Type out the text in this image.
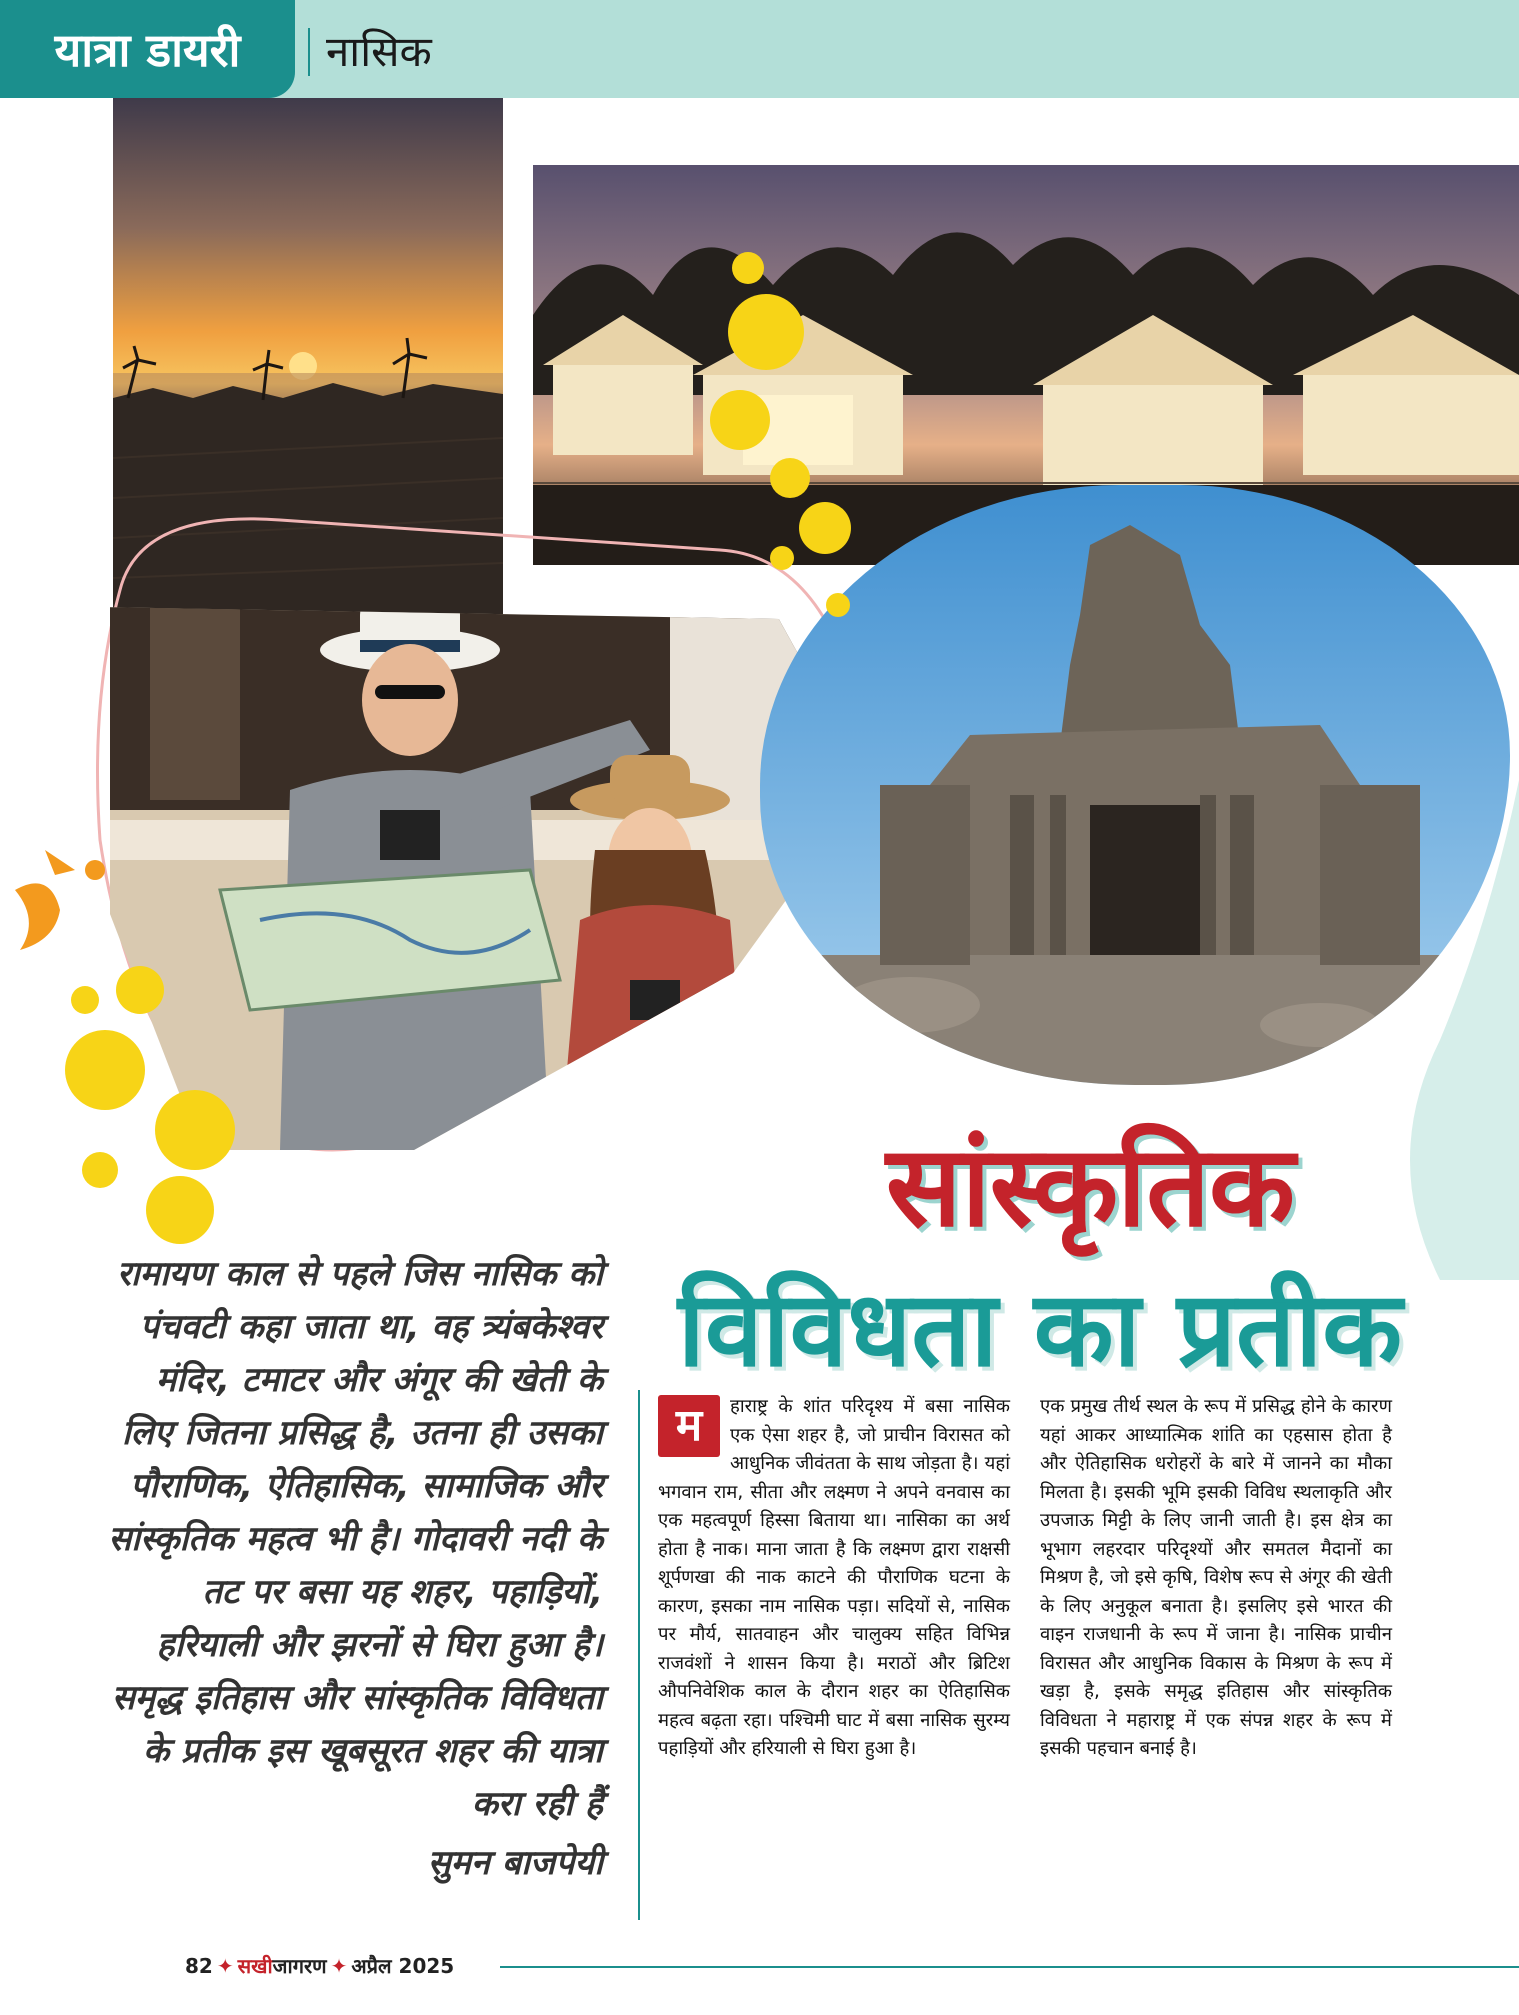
यात्रा डायरी	नासिक
सांस्कृतिक
विविधता का प्रतीक
रामायण काल से पहले जिस नासिक को पंचवटी कहा जाता था, वह त्र्यंबकेश्वर मंदिर, टमाटर और अंगूर की खेती के लिए जितना प्रसिद्ध है, उतना ही उसका पौराणिक, ऐतिहासिक, सामाजिक और सांस्कृतिक महत्व भी है। गोदावरी नदी के तट पर बसा यह शहर, पहाड़ियों, हरियाली और झरनों से घिरा हुआ है। समृद्ध इतिहास और सांस्कृतिक विविधता के प्रतीक इस खूबसूरत शहर की यात्रा करा रही हैं
सुमन बाजपेयी
म	हाराष्ट्र के शांत परिदृश्य में बसा नासिक एक ऐसा शहर है, जो प्राचीन विरासत को आधुनिक जीवंतता के साथ जोड़ता है। यहां भगवान राम, सीता और लक्ष्मण ने अपने वनवास का एक महत्वपूर्ण हिस्सा बिताया था। नासिका का अर्थ होता है नाक। माना जाता है कि लक्ष्मण द्वारा राक्षसी शूर्पणखा की नाक काटने की पौराणिक घटना के कारण, इसका नाम नासिक पड़ा। सदियों से, नासिक पर मौर्य, सातवाहन और चालुक्य सहित विभिन्न राजवंशों ने शासन किया है। मराठों और ब्रिटिश औपनिवेशिक काल के दौरान शहर का ऐतिहासिक महत्व बढ़ता रहा। पश्चिमी घाट में बसा नासिक सुरम्य पहाड़ियों और हरियाली से घिरा हुआ है।
एक प्रमुख तीर्थ स्थल के रूप में प्रसिद्ध होने के कारण यहां आकर आध्यात्मिक शांति का एहसास होता है और ऐतिहासिक धरोहरों के बारे में जानने का मौका मिलता है। इसकी भूमि इसकी विविध स्थलाकृति और उपजाऊ मिट्टी के लिए जानी जाती है। इस क्षेत्र का भूभाग लहरदार परिदृश्यों और समतल मैदानों का मिश्रण है, जो इसे कृषि, विशेष रूप से अंगूर की खेती के लिए अनुकूल बनाता है। इसलिए इसे भारत की वाइन राजधानी के रूप में जाना है। नासिक प्राचीन विरासत और आधुनिक विकास के मिश्रण के रूप में खड़ा है, इसके समृद्ध इतिहास और सांस्कृतिक विविधता ने महाराष्ट्र में एक संपन्न शहर के रूप में इसकी पहचान बनाई है।
82 ✦ सखीजागरण ✦ अप्रैल 2025
